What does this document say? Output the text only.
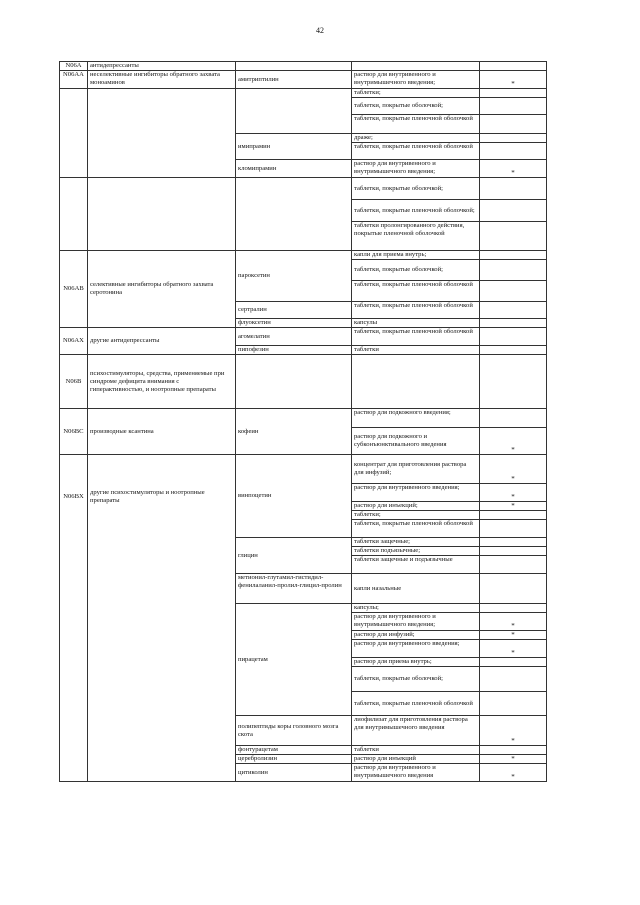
42
N06A	антидепрессанты			
N06AA	неселективные ингибиторы обратного захвата моноаминов	амитриптилин	раствор для внутривенного и внутримышечного введения;	*
			таблетки;	
			таблетки, покрытые оболочкой;	
			таблетки, покрытые пленочной оболочкой	
		имипрамин	драже;	
			таблетки, покрытые пленочной оболочкой	
		кломипрамин	раствор для внутривенного и внутримышечного введения;	*
			таблетки, покрытые оболочкой;	
			таблетки, покрытые пленочной оболочкой;	
			таблетки пролонгированного действия, покрытые пленочной оболочкой	
N06AB	селективные ингибиторы обратного захвата серотонина	пароксетин	капли для приема внутрь;	
			таблетки, покрытые оболочкой;	
			таблетки, покрытые пленочной оболочкой	
		сертралин	таблетки, покрытые пленочной оболочкой	
		флуоксетин	капсулы	
N06AX	другие антидепрессанты	агомелатин	таблетки, покрытые пленочной оболочкой	
		пипофезин	таблетки	
N06B	психостимуляторы, средства, применяемые при синдроме дефицита внимания с гиперактивностью, и ноотропные препараты			
N06BC	производные ксантина	кофеин	раствор для подкожного введения;	
			раствор для подкожного и субконъюнктивального введения	*
N06BX	другие психостимуляторы и ноотропные препараты	винпоцетин	концентрат для приготовления раствора для инфузий;	*
			раствор для внутривенного введения;	*
			раствор для инъекций;	*
			таблетки;	
			таблетки, покрытые пленочной оболочкой	
		глицин	таблетки защечные;	
			таблетки подъязычные;	
			таблетки защечные и подъязычные	
		метионил-глутамил-гистидил-фенилаланил-пролил-глицил-пролин	капли назальные	
		пирацетам	капсулы;	
			раствор для внутривенного и внутримышечного введения;	*
			раствор для инфузий;	*
			раствор для внутривенного введения;	*
			раствор для приема внутрь;	
			таблетки, покрытые оболочкой;	
			таблетки, покрытые пленочной оболочкой	
		полипептиды коры головного мозга скота	лиофилизат для приготовления раствора для внутримышечного введения	*
		фонтурацетам	таблетки	
		церебролизин	раствор для инъекций	*
		цитиколин	раствор для внутривенного и внутримышечного введения	*
